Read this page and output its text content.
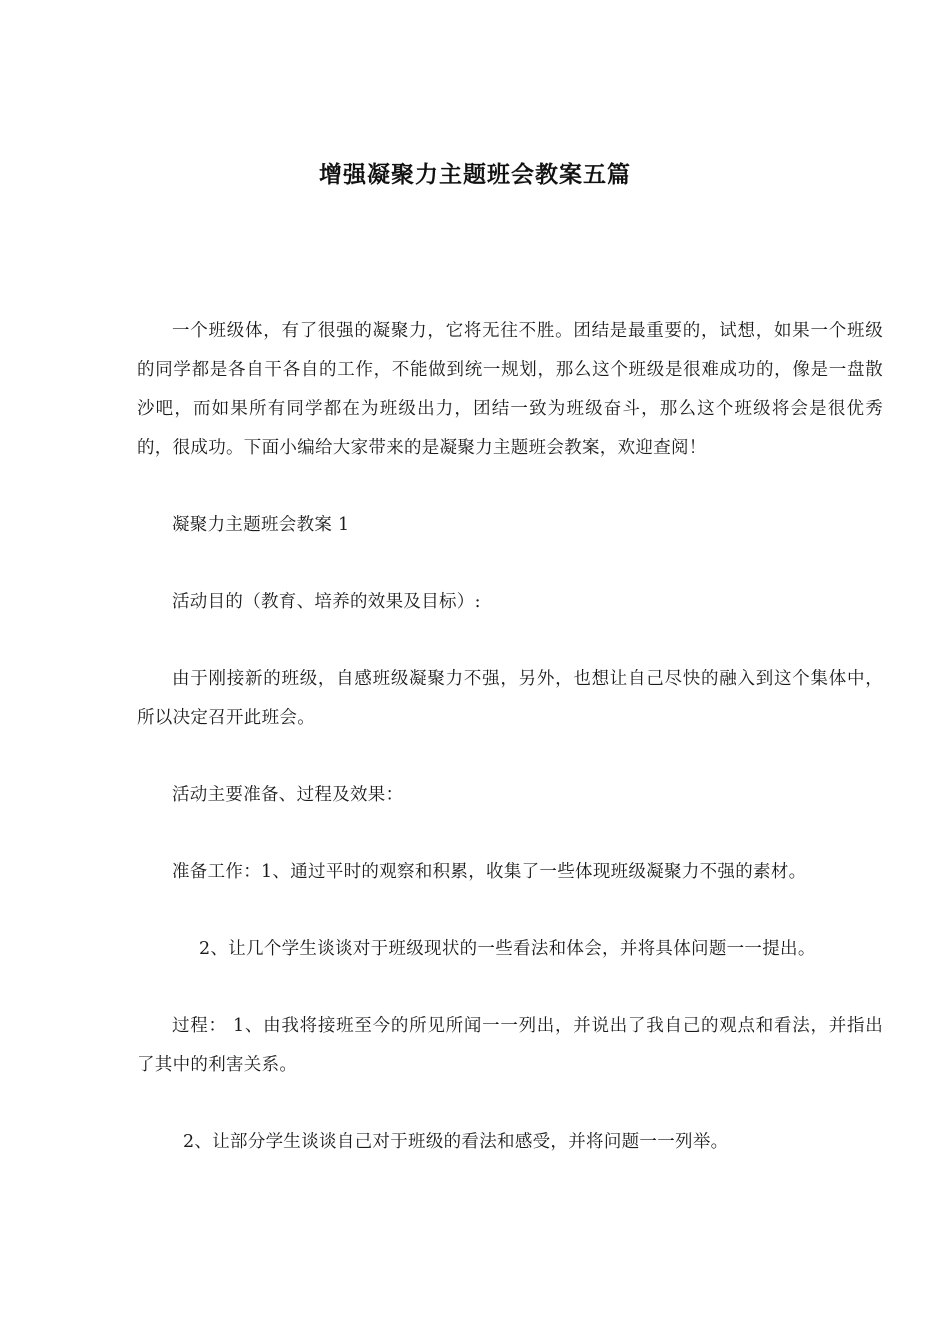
增强凝聚力主题班会教案五篇

一个班级体，有了很强的凝聚力，它将无往不胜。团结是最重要的，试想，如果一个班级的同学都是各自干各自的工作，不能做到统一规划，那么这个班级是很难成功的，像是一盘散沙吧，而如果所有同学都在为班级出力，团结一致为班级奋斗，那么这个班级将会是很优秀的，很成功。下面小编给大家带来的是凝聚力主题班会教案，欢迎查阅！

凝聚力主题班会教案 1

活动目的（教育、培养的效果及目标）:

由于刚接新的班级，自感班级凝聚力不强，另外，也想让自己尽快的融入到这个集体中，所以决定召开此班会。

活动主要准备、过程及效果：

准备工作：1、通过平时的观察和积累，收集了一些体现班级凝聚力不强的素材。

2、让几个学生谈谈对于班级现状的一些看法和体会，并将具体问题一一提出。

过程： 1、由我将接班至今的所见所闻一一列出，并说出了我自己的观点和看法，并指出了其中的利害关系。

2、让部分学生谈谈自己对于班级的看法和感受，并将问题一一列举。
